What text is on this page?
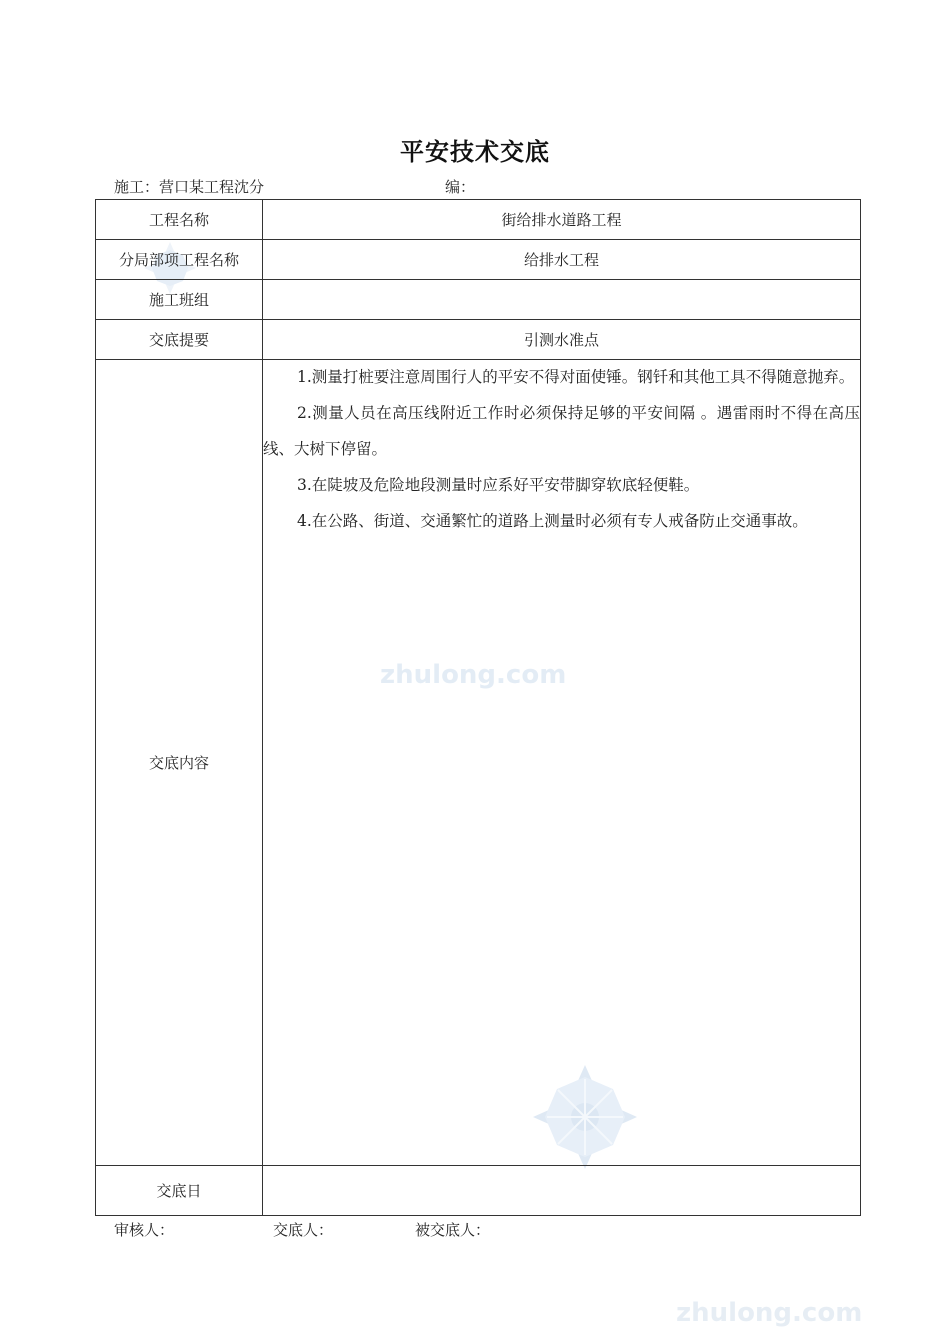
zhulong.com
zhulong.com
平安技术交底
施工：营口某工程沈分	编：
工程名称	街给排水道路工程
分局部项工程名称	给排水工程
施工班组	
交底提要	引测水准点
交底内容	1.测量打桩要注意周围行人的平安不得对面使锤。钢钎和其他工具不得随意抛弃。
2.测量人员在高压线附近工作时必须保持足够的平安间隔 。遇雷雨时不得在高压线、大树下停留。
3.在陡坡及危险地段测量时应系好平安带脚穿软底轻便鞋。
4.在公路、街道、交通繁忙的道路上测量时必须有专人戒备防止交通事故。

交底日	
审核人：	交底人：	被交底人：
